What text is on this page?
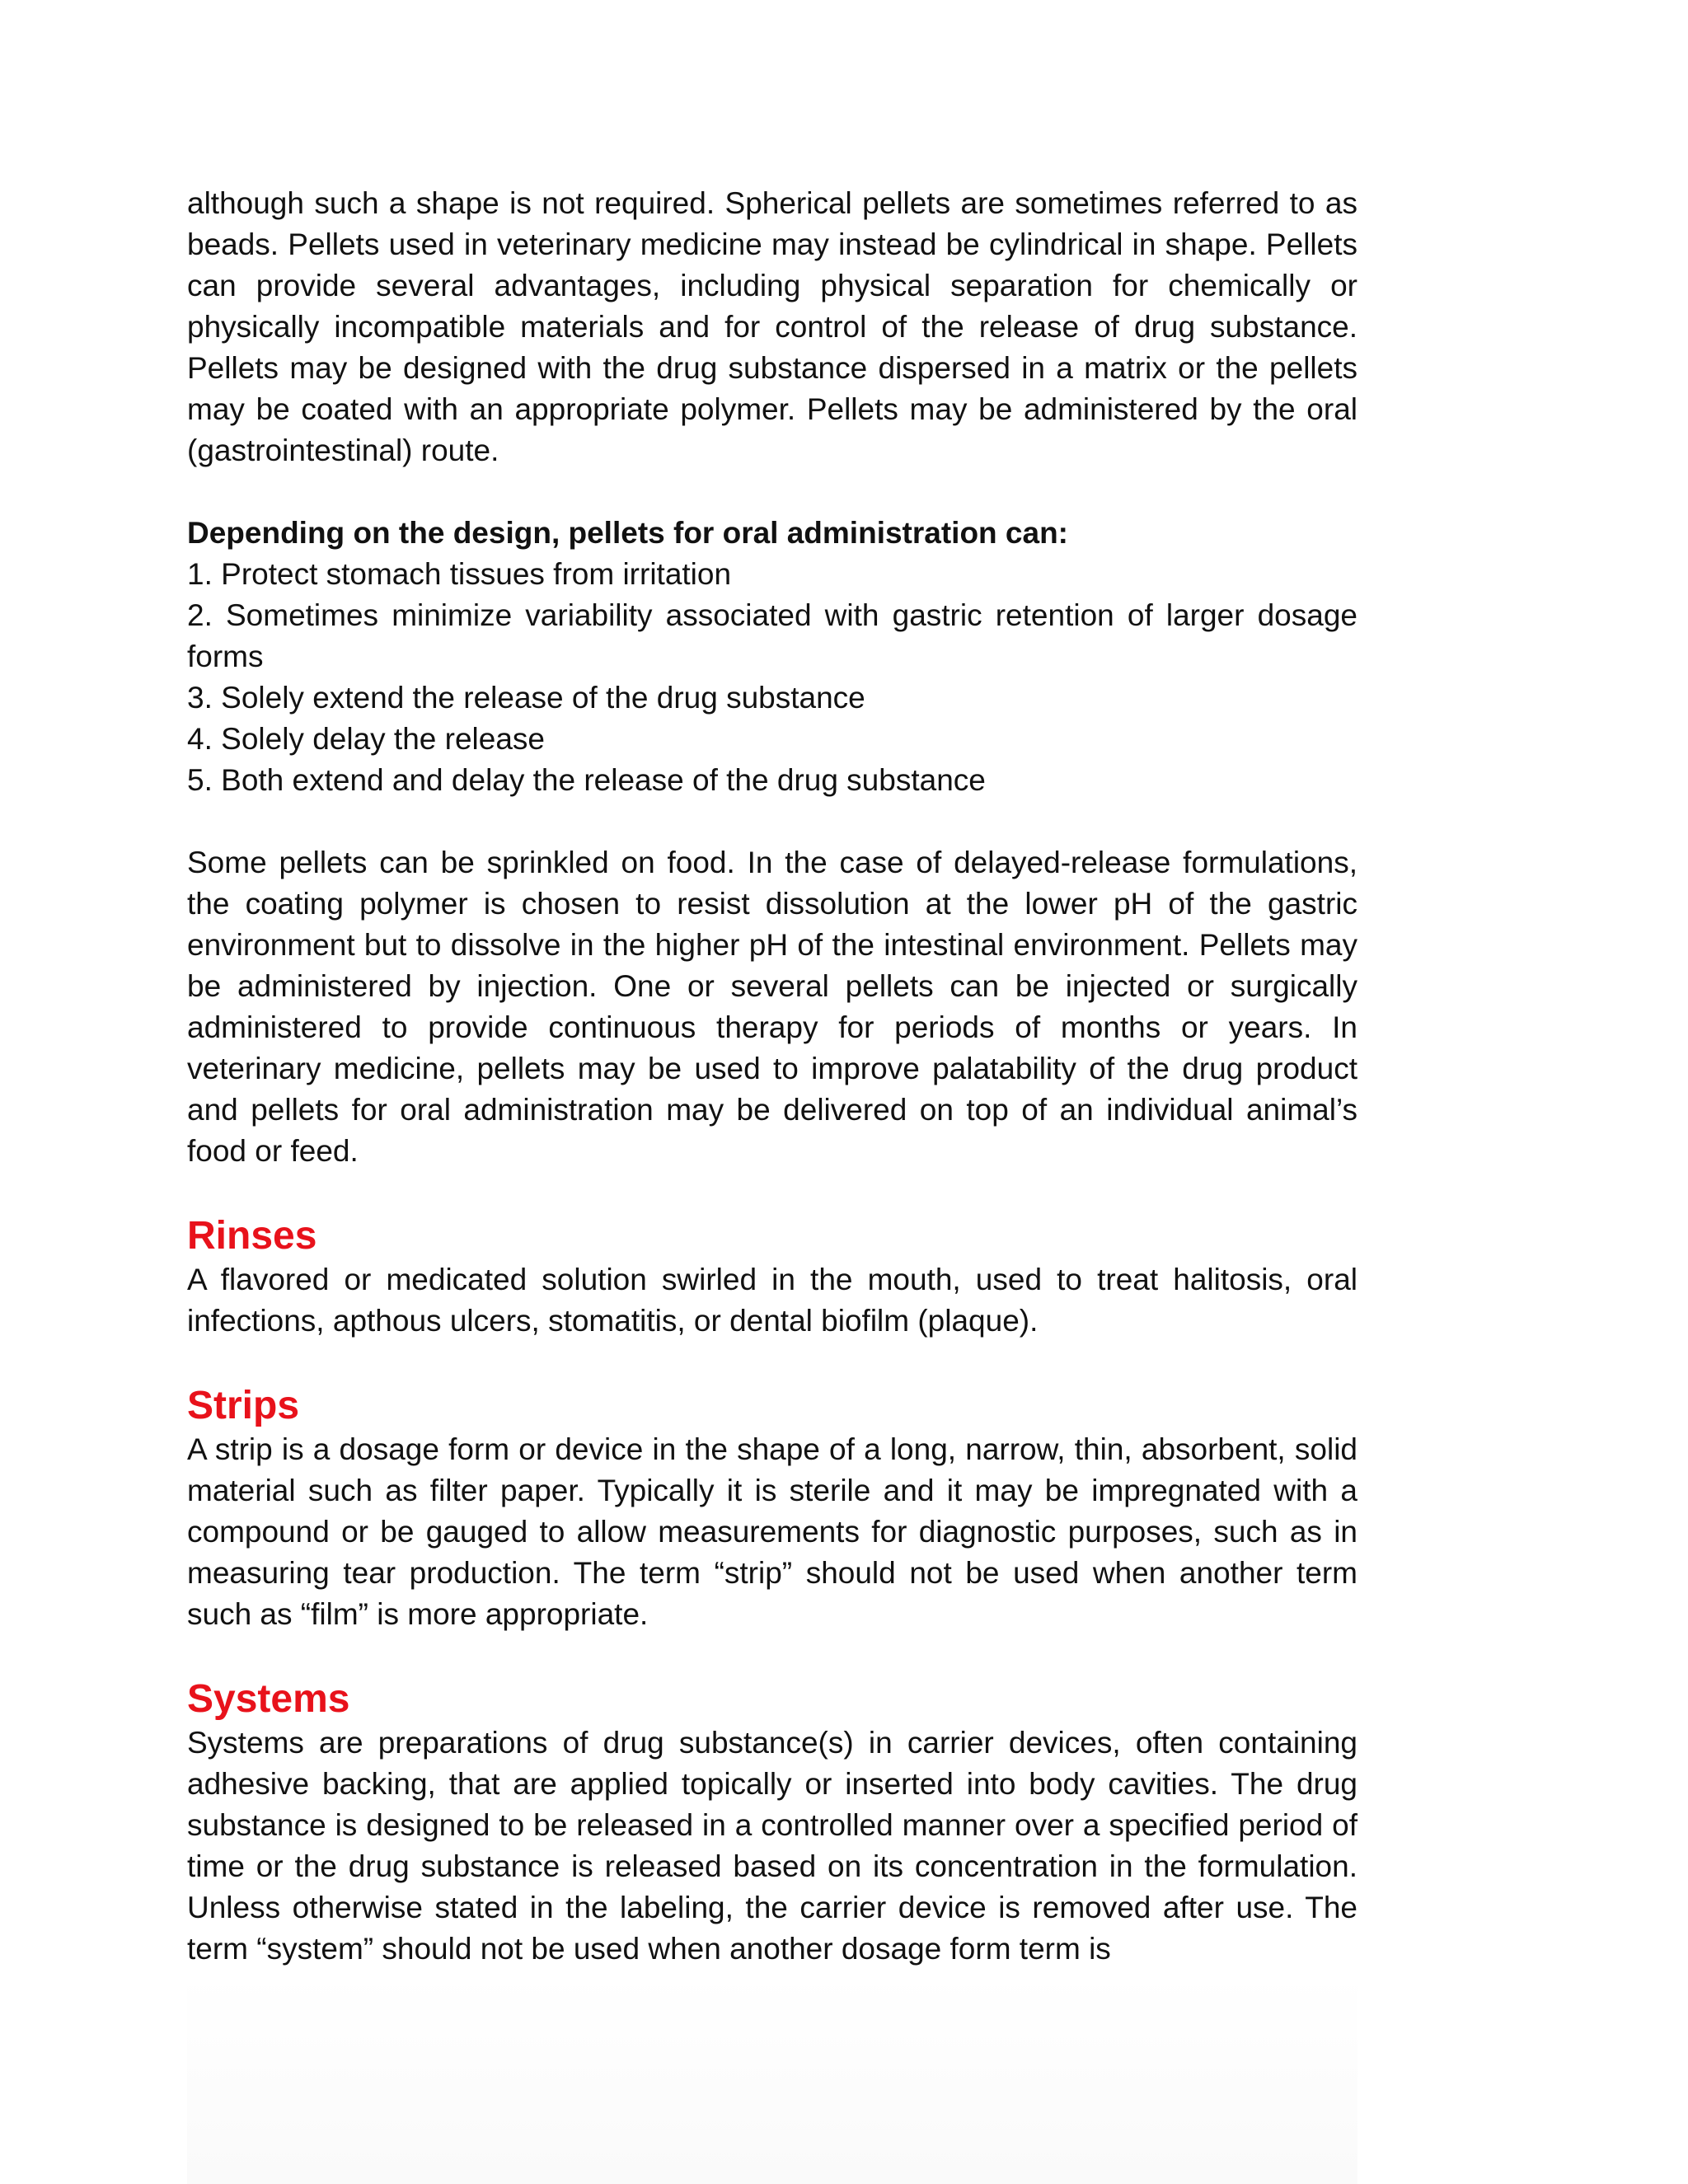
although such a shape is not required. Spherical pellets are sometimes referred to as beads. Pellets used in veterinary medicine may instead be cylindrical in shape. Pellets can provide several advantages, including physical separation for chemically or physically incompatible materials and for control of the release of drug substance. Pellets may be designed with the drug substance dispersed in a matrix or the pellets may be coated with an appropriate polymer. Pellets may be administered by the oral (gastrointestinal) route.

Depending on the design, pellets for oral administration can:

1. Protect stomach tissues from irritation
2. Sometimes minimize variability associated with gastric retention of larger dosage forms
3. Solely extend the release of the drug substance
4. Solely delay the release
5. Both extend and delay the release of the drug substance

Some pellets can be sprinkled on food. In the case of delayed-release formulations, the coating polymer is chosen to resist dissolution at the lower pH of the gastric environment but to dissolve in the higher pH of the intestinal environment. Pellets may be administered by injection. One or several pellets can be injected or surgically administered to provide continuous therapy for periods of months or years. In veterinary medicine, pellets may be used to improve palatability of the drug product and pellets for oral administration may be delivered on top of an individual animal’s food or feed.

Rinses

A flavored or medicated solution swirled in the mouth, used to treat halitosis, oral infections, apthous ulcers, stomatitis, or dental biofilm (plaque).

Strips

A strip is a dosage form or device in the shape of a long, narrow, thin, absorbent, solid material such as filter paper. Typically it is sterile and it may be impregnated with a compound or be gauged to allow measurements for diagnostic purposes, such as in measuring tear production. The term “strip” should not be used when another term such as “film” is more appropriate.

Systems

Systems are preparations of drug substance(s) in carrier devices, often containing adhesive backing, that are applied topically or inserted into body cavities. The drug substance is designed to be released in a controlled manner over a specified period of time or the drug substance is released based on its concentration in the formulation. Unless otherwise stated in the labeling, the carrier device is removed after use. The term “system” should not be used when another dosage form term is
